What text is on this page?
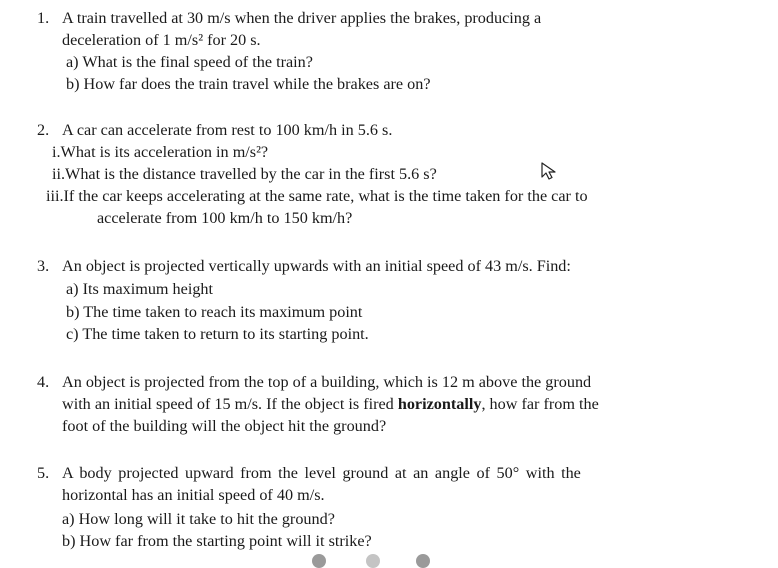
1. A train travelled at 30 m/s when the driver applies the brakes, producing a
deceleration of 1 m/s² for 20 s.
a) What is the final speed of the train?
b) How far does the train travel while the brakes are on?
2. A car can accelerate from rest to 100 km/h in 5.6 s.
i.What is its acceleration in m/s²?
ii.What is the distance travelled by the car in the first 5.6 s?
iii.If the car keeps accelerating at the same rate, what is the time taken for the car to
accelerate from 100 km/h to 150 km/h?
3. An object is projected vertically upwards with an initial speed of 43 m/s. Find:
a) Its maximum height
b) The time taken to reach its maximum point
c) The time taken to return to its starting point.
4. An object is projected from the top of a building, which is 12 m above the ground
with an initial speed of 15 m/s. If the object is fired horizontally, how far from the
foot of the building will the object hit the ground?
5. A body projected upward from the level ground at an angle of 50° with the
horizontal has an initial speed of 40 m/s.
a) How long will it take to hit the ground?
b) How far from the starting point will it strike?
